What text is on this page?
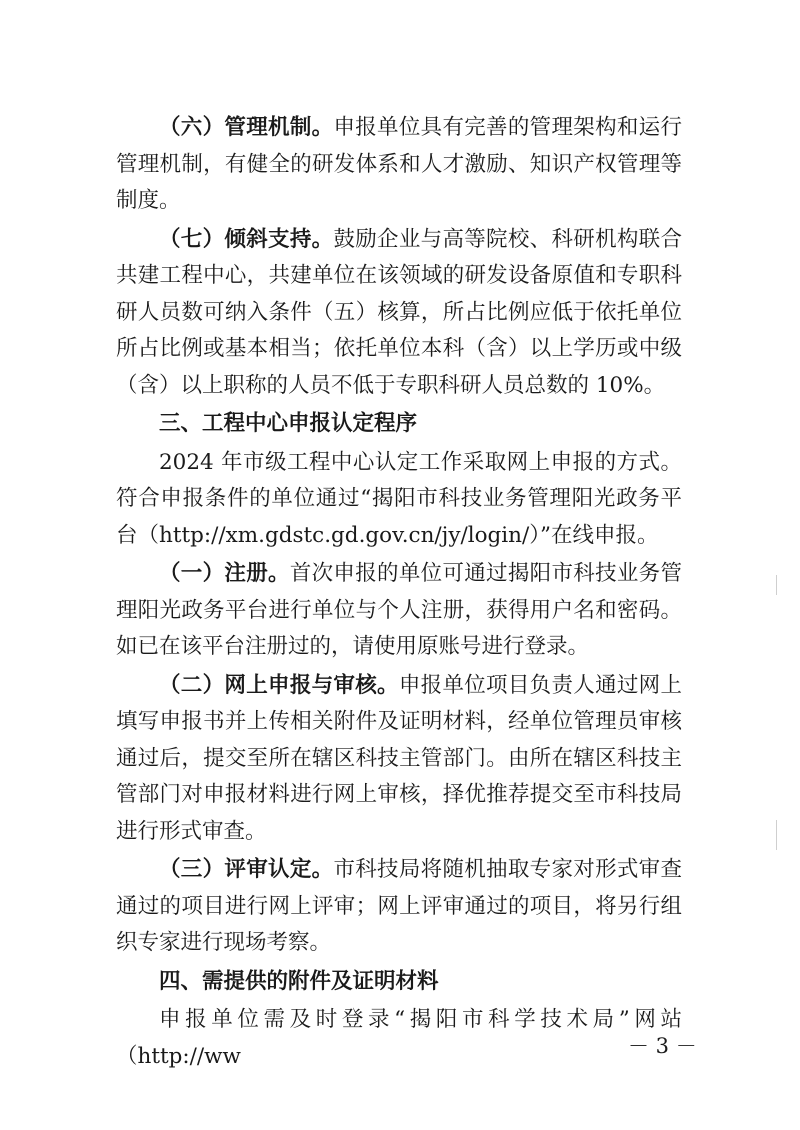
（六）管理机制。申报单位具有完善的管理架构和运行管理机制，有健全的研发体系和人才激励、知识产权管理等制度。

（七）倾斜支持。鼓励企业与高等院校、科研机构联合共建工程中心，共建单位在该领域的研发设备原值和专职科研人员数可纳入条件（五）核算，所占比例应低于依托单位所占比例或基本相当；依托单位本科（含）以上学历或中级（含）以上职称的人员不低于专职科研人员总数的 10%。

三、工程中心申报认定程序

2024 年市级工程中心认定工作采取网上申报的方式。符合申报条件的单位通过“揭阳市科技业务管理阳光政务平台（http://xm.gdstc.gd.gov.cn/jy/login/）”在线申报。

（一）注册。首次申报的单位可通过揭阳市科技业务管理阳光政务平台进行单位与个人注册，获得用户名和密码。如已在该平台注册过的，请使用原账号进行登录。

（二）网上申报与审核。申报单位项目负责人通过网上填写申报书并上传相关附件及证明材料，经单位管理员审核通过后，提交至所在辖区科技主管部门。由所在辖区科技主管部门对申报材料进行网上审核，择优推荐提交至市科技局进行形式审查。

（三）评审认定。市科技局将随机抽取专家对形式审查通过的项目进行网上评审；网上评审通过的项目，将另行组织专家进行现场考察。

四、需提供的附件及证明材料

申报单位需及时登录“揭阳市科学技术局”网站（http://ww	－ 3 －
